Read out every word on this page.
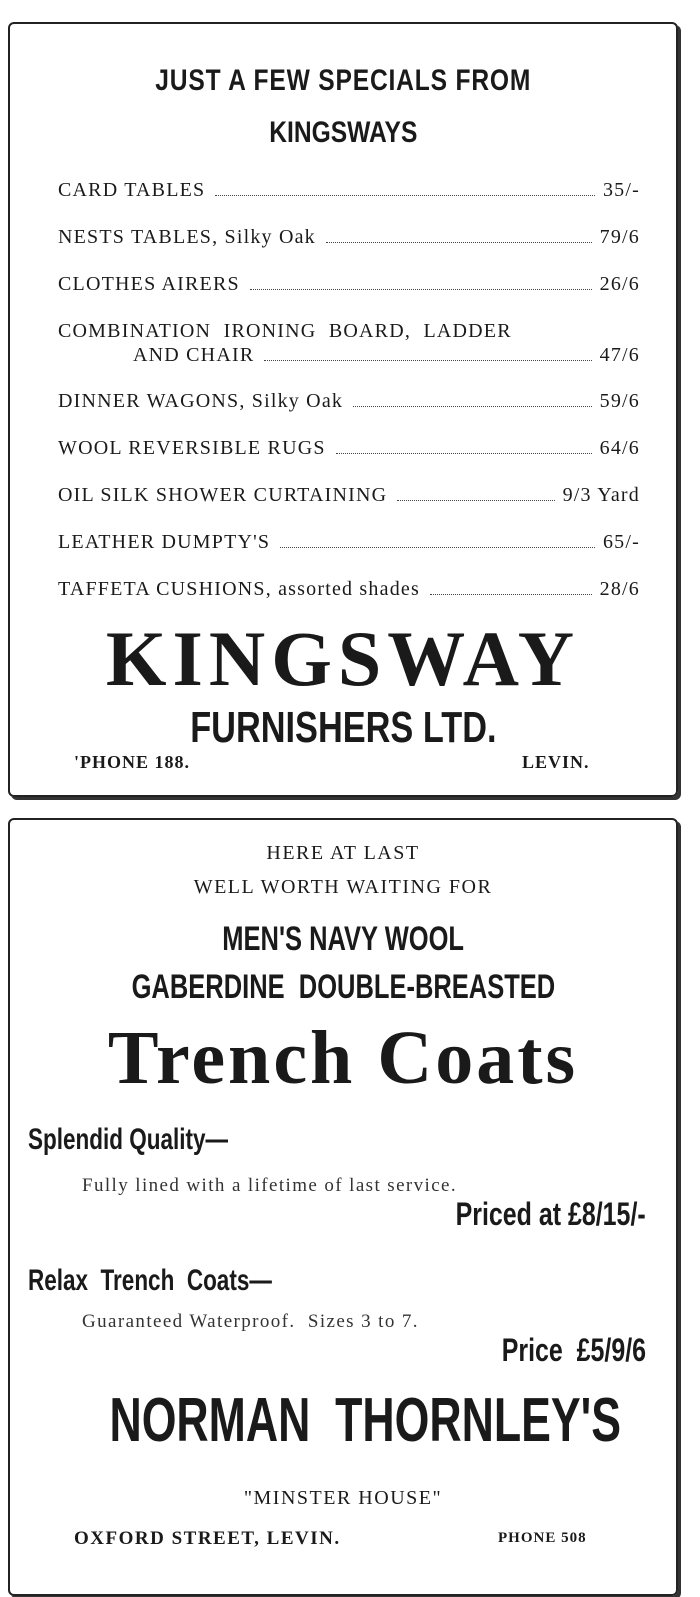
JUST A FEW SPECIALS FROM
KINGSWAYS
CARD TABLES	35/-
NESTS TABLES, Silky Oak	79/6
CLOTHES AIRERS	26/6
COMBINATION  IRONING  BOARD,  LADDER
AND CHAIR	47/6
DINNER WAGONS, Silky Oak	59/6
WOOL REVERSIBLE RUGS	64/6
OIL SILK SHOWER CURTAINING	9/3 Yard
LEATHER DUMPTY'S	65/-
TAFFETA CUSHIONS, assorted shades	28/6
KINGSWAY
FURNISHERS LTD.
'PHONE 188.	LEVIN.
HERE AT LAST
WELL WORTH WAITING FOR
MEN'S NAVY WOOL
GABERDINE  DOUBLE-BREASTED
Trench Coats
Splendid Quality—
Fully lined with a lifetime of last service.
Priced at £8/15/-
Relax  Trench  Coats—
Guaranteed Waterproof.  Sizes 3 to 7.
Price  £5/9/6
NORMAN  THORNLEY'S
"MINSTER HOUSE"
OXFORD STREET, LEVIN.	PHONE 508
